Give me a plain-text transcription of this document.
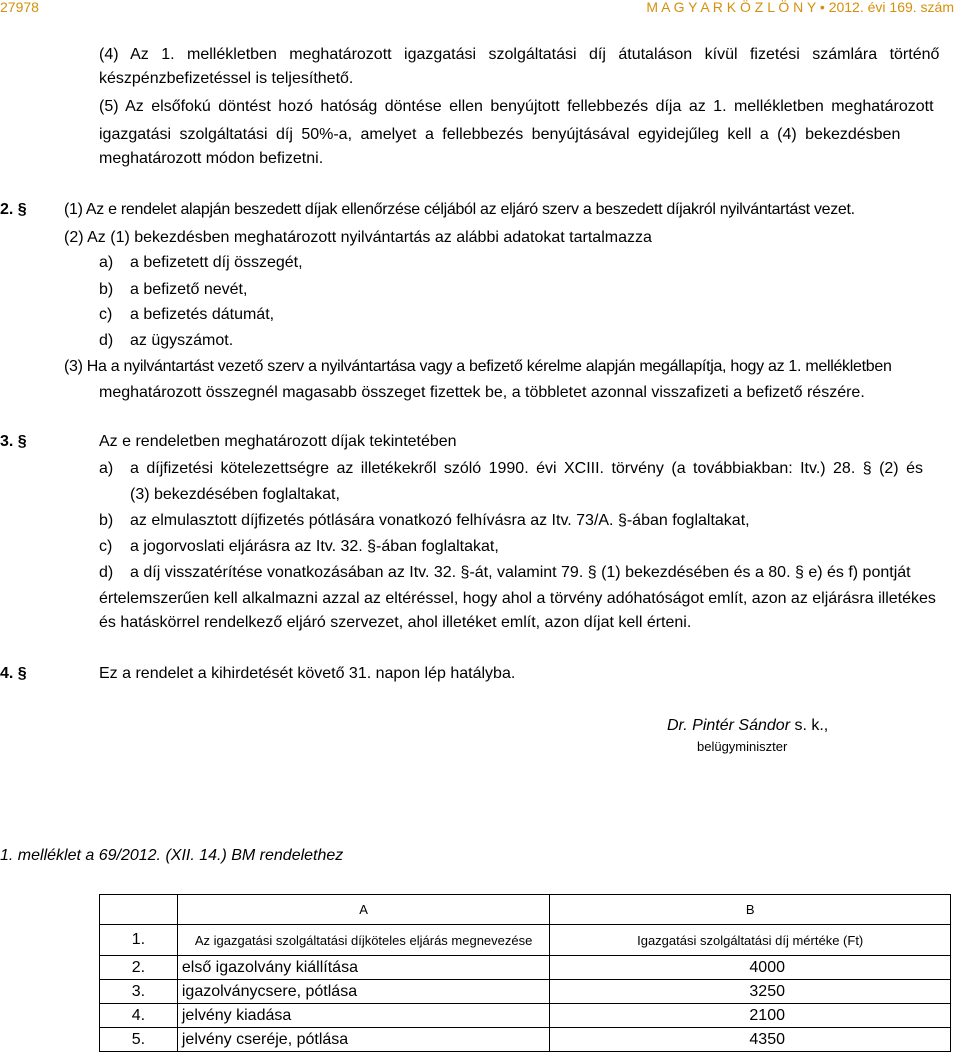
27978	M A G Y A R K Ö Z L Ö N Y • 2012. évi 169. szám
(4) Az 1. mellékletben meghatározott igazgatási szolgáltatási díj átutaláson kívül fizetési számlára történő
készpénzbefizetéssel is teljesíthető.
(5) Az elsőfokú döntést hozó hatóság döntése ellen benyújtott fellebbezés díja az 1. mellékletben meghatározott
igazgatási szolgáltatási díj 50%-a, amelyet a fellebbezés benyújtásával egyidejűleg kell a (4) bekezdésben
meghatározott módon befizetni.
2. § (1) Az e rendelet alapján beszedett díjak ellenőrzése céljából az eljáró szerv a beszedett díjakról nyilvántartást vezet.
(2) Az (1) bekezdésben meghatározott nyilvántartás az alábbi adatokat tartalmazza
a) a befizetett díj összegét,
b) a befizető nevét,
c) a befizetés dátumát,
d) az ügyszámot.
(3) Ha a nyilvántartást vezető szerv a nyilvántartása vagy a befizető kérelme alapján megállapítja, hogy az 1. mellékletben
meghatározott összegnél magasabb összeget fizettek be, a többletet azonnal visszafizeti a befizető részére.
3. §	Az e rendeletben meghatározott díjak tekintetében
a) a díjfizetési kötelezettségre az illetékekről szóló 1990. évi XCIII. törvény (a továbbiakban: Itv.) 28. § (2) és
(3) bekezdésében foglaltakat,
b) az elmulasztott díjfizetés pótlására vonatkozó felhívásra az Itv. 73/A. §-ában foglaltakat,
c) a jogorvoslati eljárásra az Itv. 32. §-ában foglaltakat,
d) a díj visszatérítése vonatkozásában az Itv. 32. §-át, valamint 79. § (1) bekezdésében és a 80. § e) és f) pontját
értelemszerűen kell alkalmazni azzal az eltéréssel, hogy ahol a törvény adóhatóságot említ, azon az eljárásra illetékes
és hatáskörrel rendelkező eljáró szervezet, ahol illetéket említ, azon díjat kell érteni.
4. §	Ez a rendelet a kihirdetését követő 31. napon lép hatályba.
Dr. Pintér Sándor s. k.,
belügyminiszter
1. melléklet a 69/2012. (XII. 14.) BM rendelethez
	A	B
1.	Az igazgatási szolgáltatási díjköteles eljárás megnevezése	Igazgatási szolgáltatási díj mértéke (Ft)
2.	első igazolvány kiállítása	4000
3.	igazolványcsere, pótlása	3250
4.	jelvény kiadása	2100
5.	jelvény cseréje, pótlása	4350
